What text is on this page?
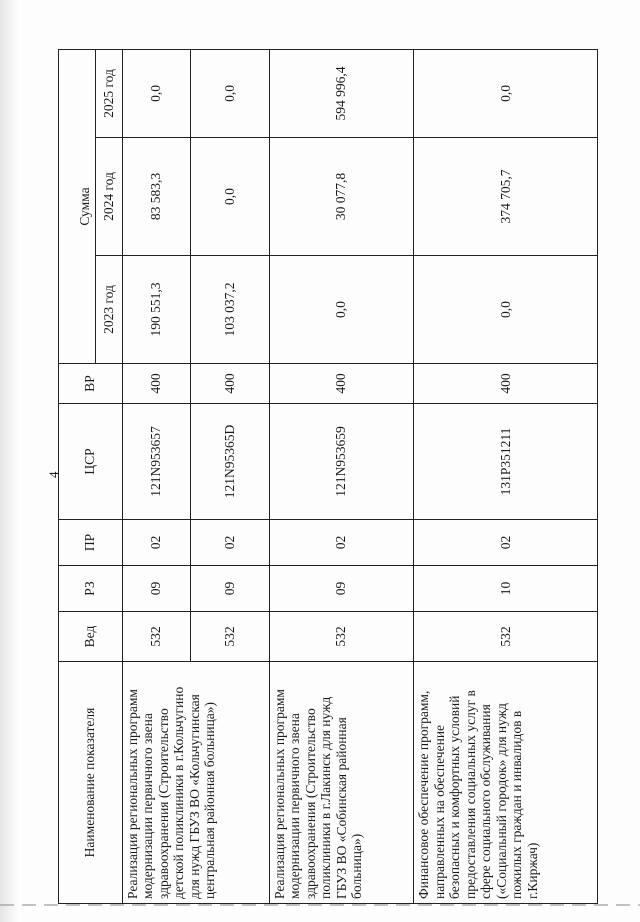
4
Наименование показателя	Вед	РЗ	ПР	ЦСР	ВР	Сумма		
						2023 год	2024 год	2025 год
Реализация региональных программ модернизации первичного звена здравоохранения (Строительство детской поликлиники в г.Кольчугино для нужд ГБУЗ ВО «Кольчугинская центральная районная больница»)	532	09	02	121N953657	400	190 551,3	83 583,3	0,0
	532	09	02	121N95365D	400	103 037,2	0,0	0,0
Реализация региональных программ модернизации первичного звена здравоохранения (Строительство поликлиники в г.Лакинск для нужд ГБУЗ ВО «Собинская районная больница»)	532	09	02	121N953659	400	0,0	30 077,8	594 996,4
Финансовое обеспечение программ, направленных на обеспечение безопасных и комфортных условий предоставления социальных услуг в сфере социального обслуживания («Социальный городок» для нужд пожилых граждан и инвалидов в г.Киржач)	532	10	02	131P351211	400	0,0	374 705,7	0,0
